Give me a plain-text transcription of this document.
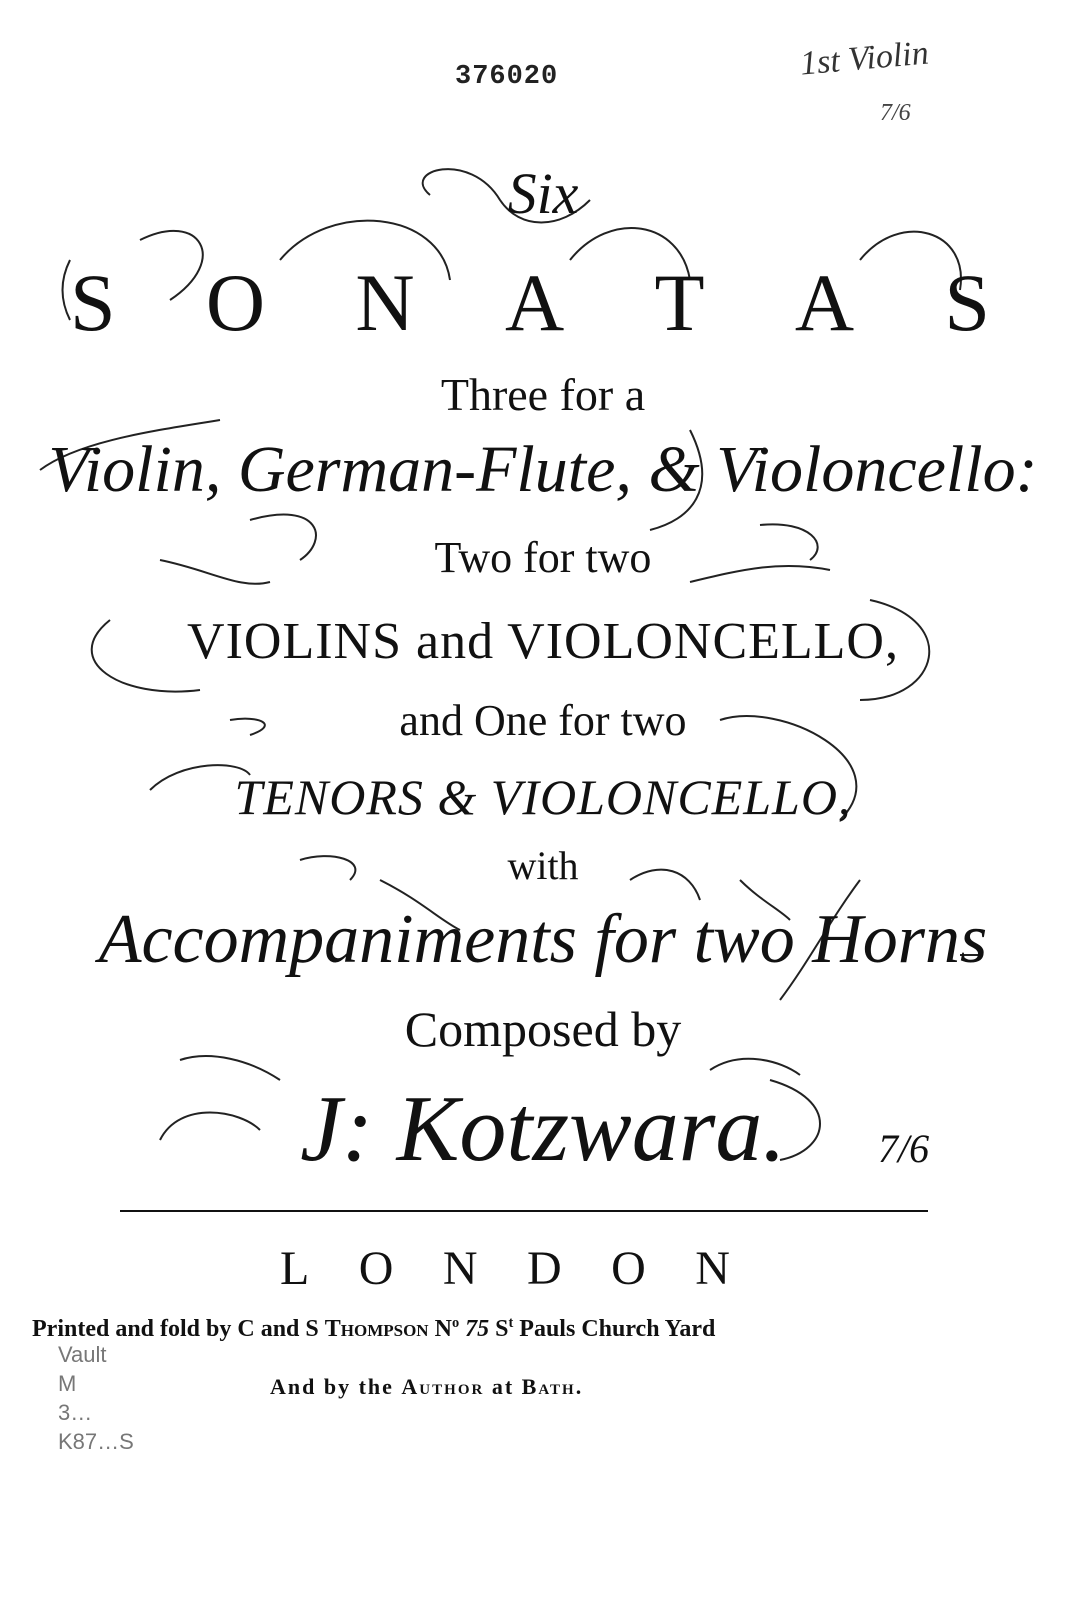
376020	1st Violin
7/6
Six
S O N A T A S
Three for a
Violin, German-Flute, & Violoncello:
Two for two
VIOLINS and VIOLONCELLO,
and One for two
TENORS & VIOLONCELLO,
with
Accompaniments for two Horns
Composed by
J: Kotzwara.	7/6
L O N D O N
Printed and fold by C and S Thompson $N^o$ 75 $S^t$ Pauls Church Yard
And by the Author at Bath.
Vault
M
3…
K87…S
